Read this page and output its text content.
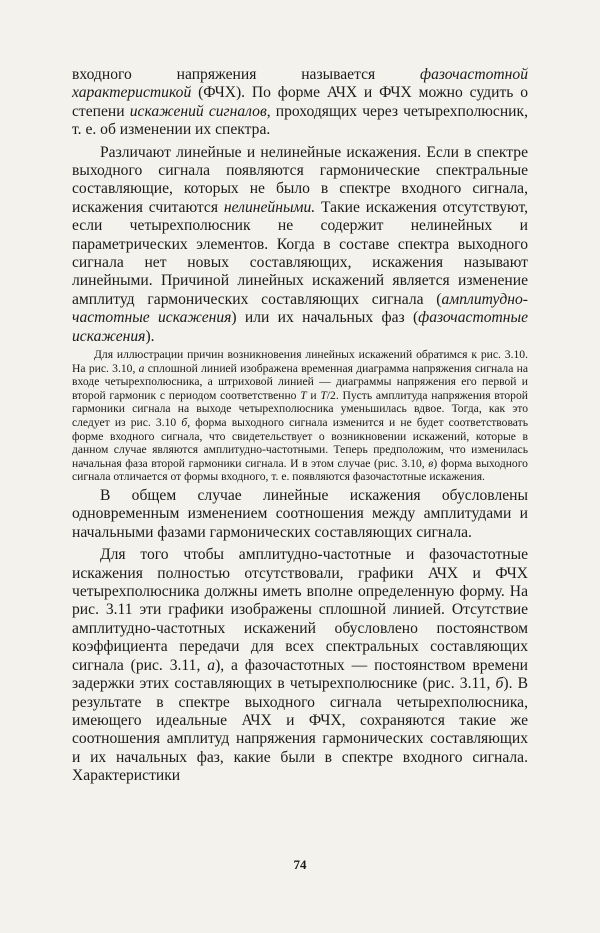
входного напряжения называется фазочастотной характеристикой (ФЧХ). По форме АЧХ и ФЧХ можно судить о степени искажений сигналов, проходящих через четырехполюсник, т. е. об изменении их спектра.

Различают линейные и нелинейные искажения. Если в спектре выходного сигнала появляются гармонические спектральные составляющие, которых не было в спектре входного сигнала, искажения считаются нелинейными. Такие искажения отсутствуют, если четырехполюсник не содержит нелинейных и параметрических элементов. Когда в составе спектра выходного сигнала нет новых составляющих, искажения называют линейными. Причиной линейных искажений является изменение амплитуд гармонических составляющих сигнала (амплитудно-частотные искажения) или их начальных фаз (фазочастотные искажения).

Для иллюстрации причин возникновения линейных искажений обратимся к рис. 3.10. На рис. 3.10, а сплошной линией изображена временная диаграмма напряжения сигнала на входе четырехполюсника, а штриховой линией — диаграммы напряжения его первой и второй гармоник с периодом соответственно T и T/2. Пусть амплитуда напряжения второй гармоники сигнала на выходе четырехполюсника уменьшилась вдвое. Тогда, как это следует из рис. 3.10 б, форма выходного сигнала изменится и не будет соответствовать форме входного сигнала, что свидетельствует о возникновении искажений, которые в данном случае являются амплитудно-частотными. Теперь предположим, что изменилась начальная фаза второй гармоники сигнала. И в этом случае (рис. 3.10, в) форма выходного сигнала отличается от формы входного, т. е. появляются фазочастотные искажения.

В общем случае линейные искажения обусловлены одновременным изменением соотношения между амплитудами и начальными фазами гармонических составляющих сигнала.

Для того чтобы амплитудно-частотные и фазочастотные искажения полностью отсутствовали, графики АЧХ и ФЧХ четырехполюсника должны иметь вполне определенную форму. На рис. 3.11 эти графики изображены сплошной линией. Отсутствие амплитудно-частотных искажений обусловлено постоянством коэффициента передачи для всех спектральных составляющих сигнала (рис. 3.11, а), а фазочастотных — постоянством времени задержки этих составляющих в четырехполюснике (рис. 3.11, б). В результате в спектре выходного сигнала четырехполюсника, имеющего идеальные АЧХ и ФЧХ, сохраняются такие же соотношения амплитуд напряжения гармонических составляющих и их начальных фаз, какие были в спектре входного сигнала. Характеристики

74
